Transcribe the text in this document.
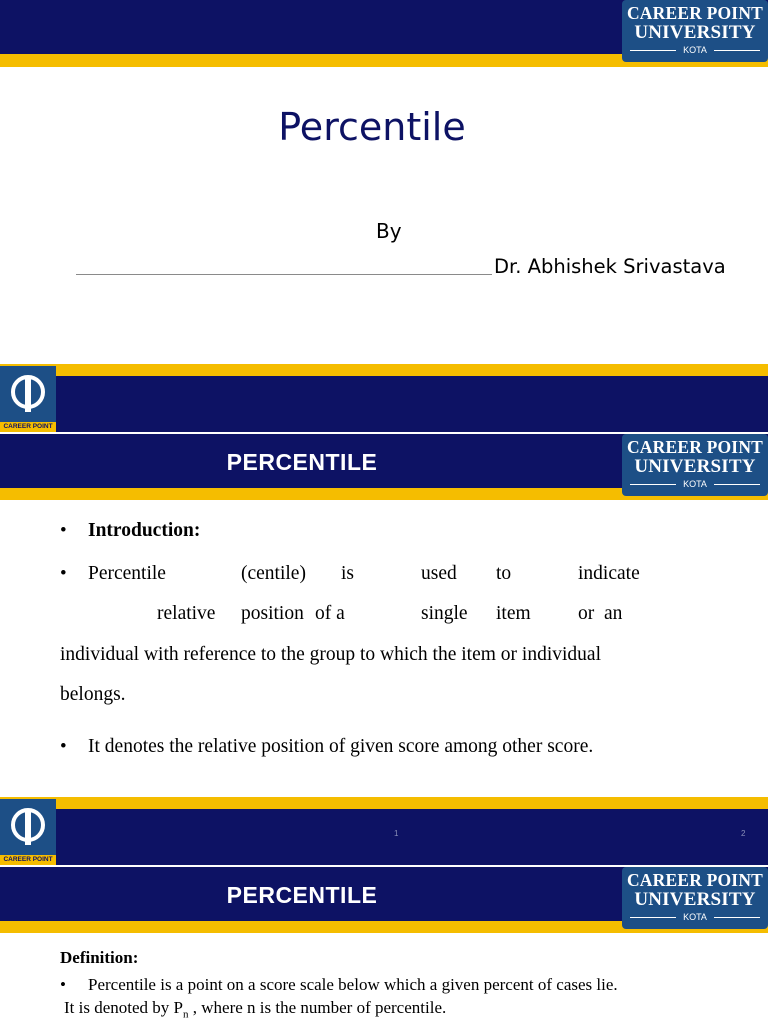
CAREER POINT
UNIVERSITY
KOTA
Percentile
By
Dr. Abhishek Srivastava
CAREER POINT
PERCENTILE
CAREER POINT
UNIVERSITY
KOTA
• Introduction:
• Percentile	(centile) is	used to	indicate
relative position of a	single item or an
individual with reference to the group to which the item or individual
belongs.
• It denotes the relative position of given score among other score.
CAREER POINT
1	2
PERCENTILE
CAREER POINT
UNIVERSITY
KOTA
Definition:
• Percentile is a point on a score scale below which a given percent of cases lie.
It is denoted by $P_n$ , where n is the number of percentile.
